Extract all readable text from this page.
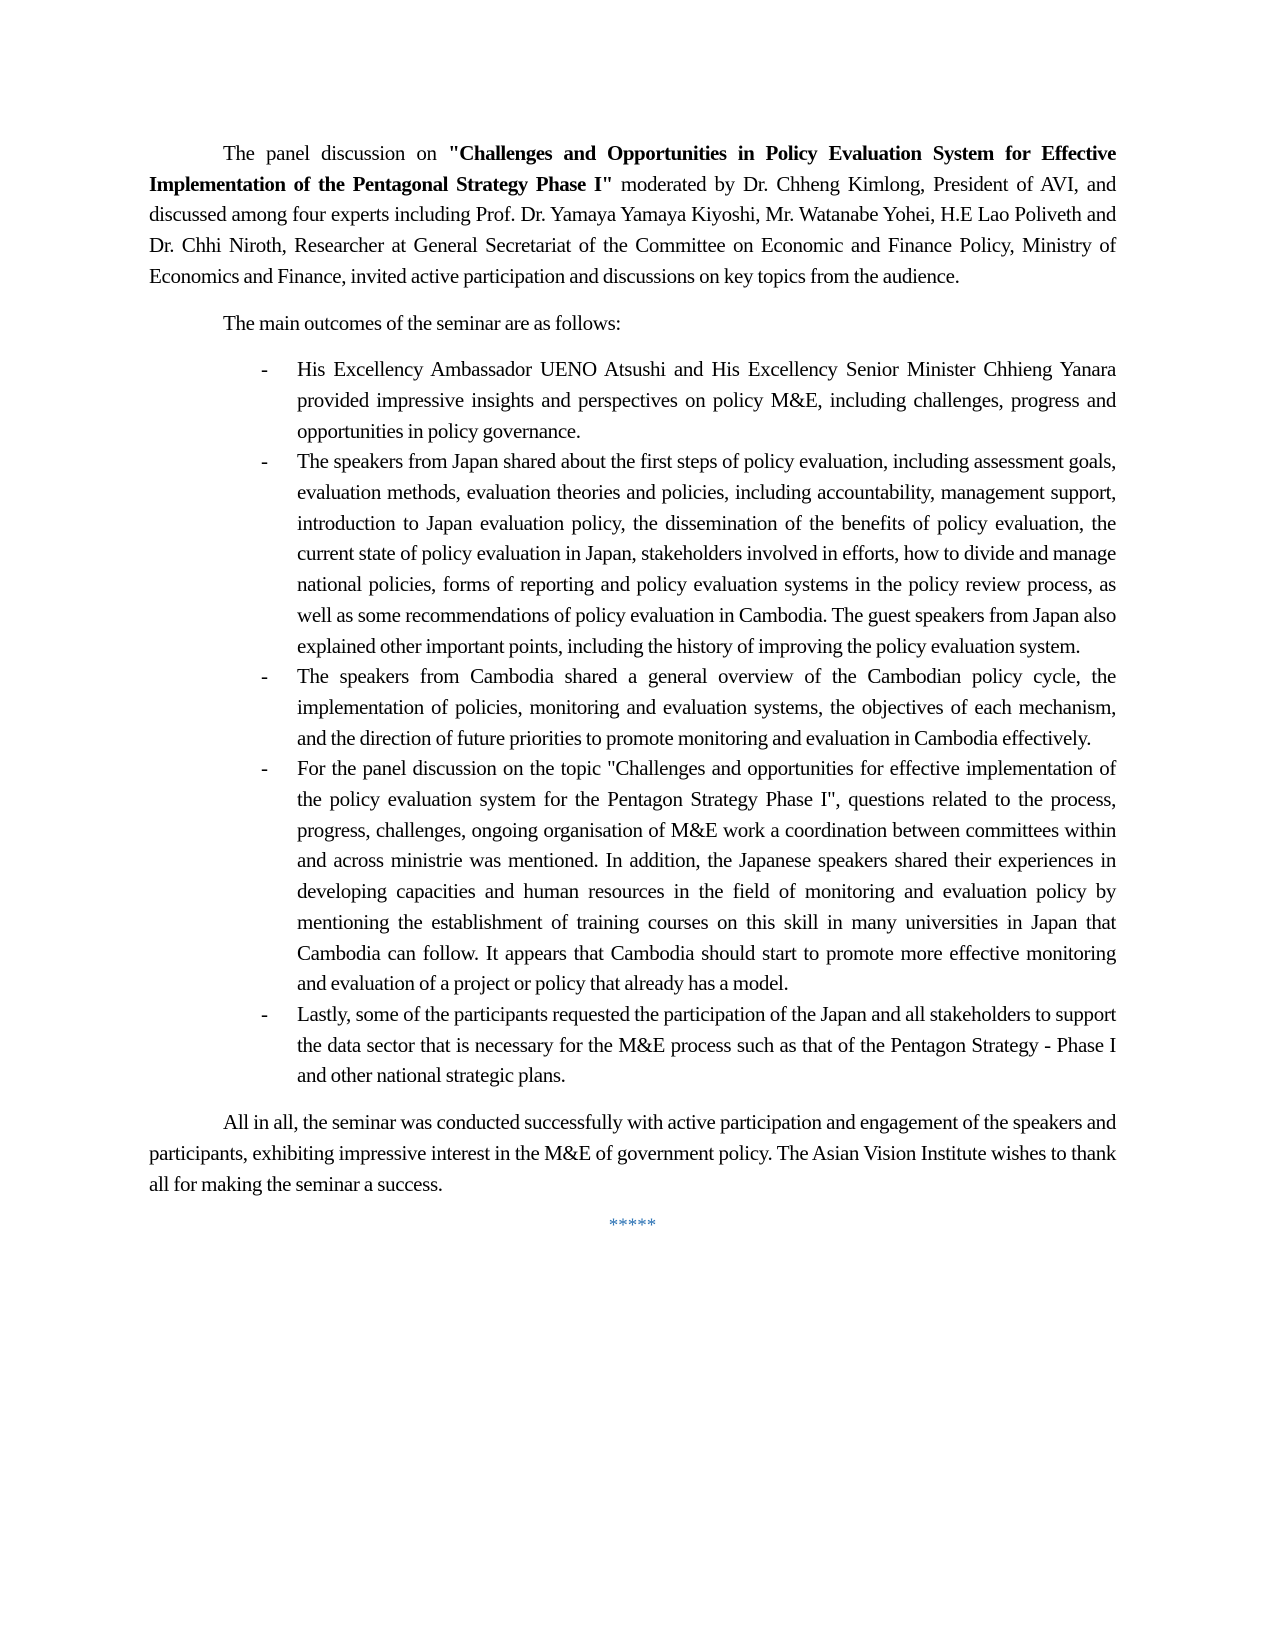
The panel discussion on "Challenges and Opportunities in Policy Evaluation System for Effective Implementation of the Pentagonal Strategy Phase I" moderated by Dr. Chheng Kimlong, President of AVI, and discussed among four experts including Prof. Dr. Yamaya Yamaya Kiyoshi, Mr. Watanabe Yohei, H.E Lao Poliveth and Dr. Chhi Niroth, Researcher at General Secretariat of the Committee on Economic and Finance Policy, Ministry of Economics and Finance, invited active participation and discussions on key topics from the audience.

The main outcomes of the seminar are as follows:

- His Excellency Ambassador UENO Atsushi and His Excellency Senior Minister Chhieng Yanara provided impressive insights and perspectives on policy M&E, including challenges, progress and opportunities in policy governance.
- The speakers from Japan shared about the first steps of policy evaluation, including assessment goals, evaluation methods, evaluation theories and policies, including accountability, management support, introduction to Japan evaluation policy, the dissemination of the benefits of policy evaluation, the current state of policy evaluation in Japan, stakeholders involved in efforts, how to divide and manage national policies, forms of reporting and policy evaluation systems in the policy review process, as well as some recommendations of policy evaluation in Cambodia. The guest speakers from Japan also explained other important points, including the history of improving the policy evaluation system.
- The speakers from Cambodia shared a general overview of the Cambodian policy cycle, the implementation of policies, monitoring and evaluation systems, the objectives of each mechanism, and the direction of future priorities to promote monitoring and evaluation in Cambodia effectively.
- For the panel discussion on the topic "Challenges and opportunities for effective implementation of the policy evaluation system for the Pentagon Strategy Phase I", questions related to the process, progress, challenges, ongoing organisation of M&E work a coordination between committees within and across ministrie was mentioned. In addition, the Japanese speakers shared their experiences in developing capacities and human resources in the field of monitoring and evaluation policy by mentioning the establishment of training courses on this skill in many universities in Japan that Cambodia can follow. It appears that Cambodia should start to promote more effective monitoring and evaluation of a project or policy that already has a model.
- Lastly, some of the participants requested the participation of the Japan and all stakeholders to support the data sector that is necessary for the M&E process such as that of the Pentagon Strategy - Phase I and other national strategic plans.

All in all, the seminar was conducted successfully with active participation and engagement of the speakers and participants, exhibiting impressive interest in the M&E of government policy. The Asian Vision Institute wishes to thank all for making the seminar a success.

*****
